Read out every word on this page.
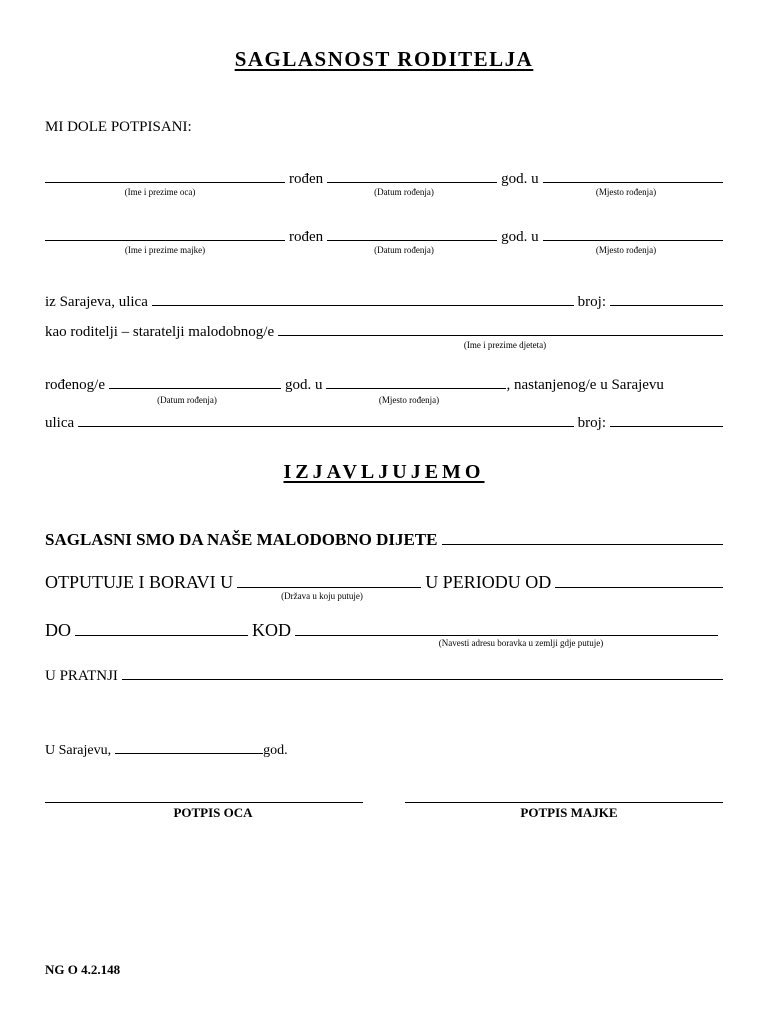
SAGLASNOST RODITELJA
MI DOLE POTPISANI:
rođen	god. u
(Ime i prezime oca)	(Datum rođenja)	(Mjesto rođenja)
rođen	god. u
(Ime i prezime majke)	(Datum rođenja)	(Mjesto rođenja)
iz Sarajeva, ulica	broj:
kao roditelji – staratelji malodobnog/e
(Ime i prezime djeteta)
rođenog/e	god. u	, nastanjenog/e u Sarajevu
(Datum rođenja)	(Mjesto rođenja)
ulica	broj:
IZJAVLJUJEMO
SAGLASNI SMO DA NAŠE MALODOBNO DIJETE
OTPUTUJE I BORAVI U	U PERIODU OD
(Država u koju putuje)
DO	KOD
(Navesti adresu boravka u zemlji gdje putuje)
U PRATNJI
U Sarajevu,	god.
POTPIS OCA	POTPIS MAJKE
NG O 4.2.148
